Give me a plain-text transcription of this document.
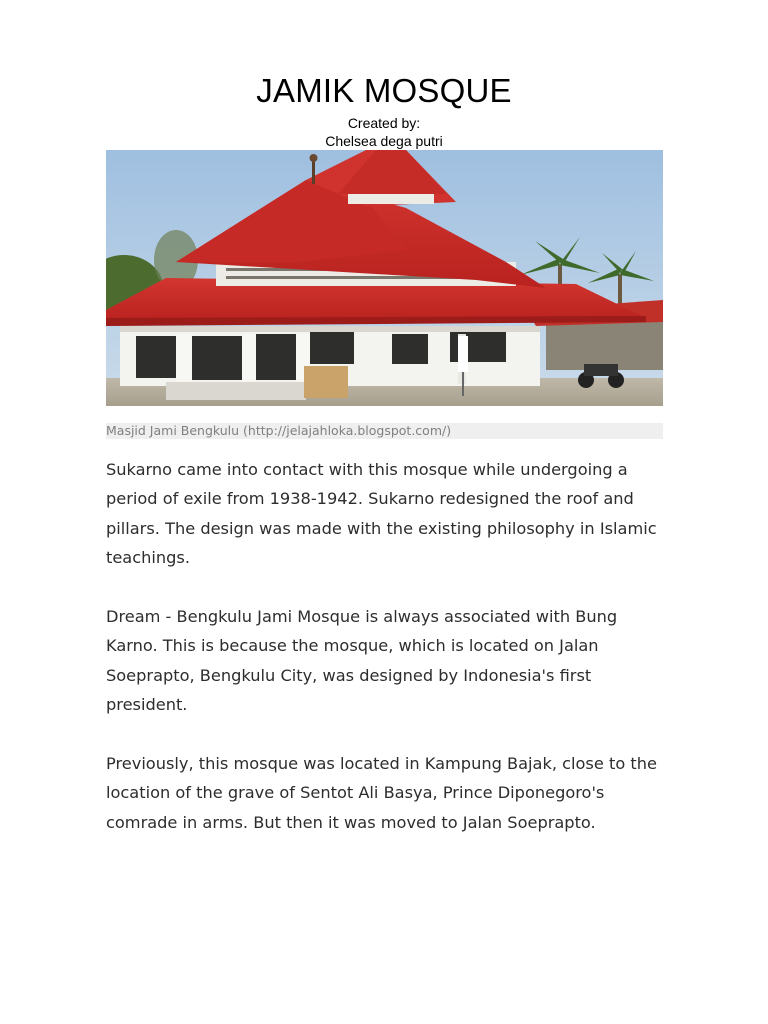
JAMIK MOSQUE
Created by:
Chelsea dega putri
Masjid Jami Bengkulu (http://jelajahloka.blogspot.com/)

Sukarno came into contact with this mosque while undergoing a period of exile from 1938-1942. Sukarno redesigned the roof and pillars. The design was made with the existing philosophy in Islamic teachings.

Dream - Bengkulu Jami Mosque is always associated with Bung Karno. This is because the mosque, which is located on Jalan Soeprapto, Bengkulu City, was designed by Indonesia's first president.

Previously, this mosque was located in Kampung Bajak, close to the location of the grave of Sentot Ali Basya, Prince Diponegoro's comrade in arms. But then it was moved to Jalan Soeprapto.
